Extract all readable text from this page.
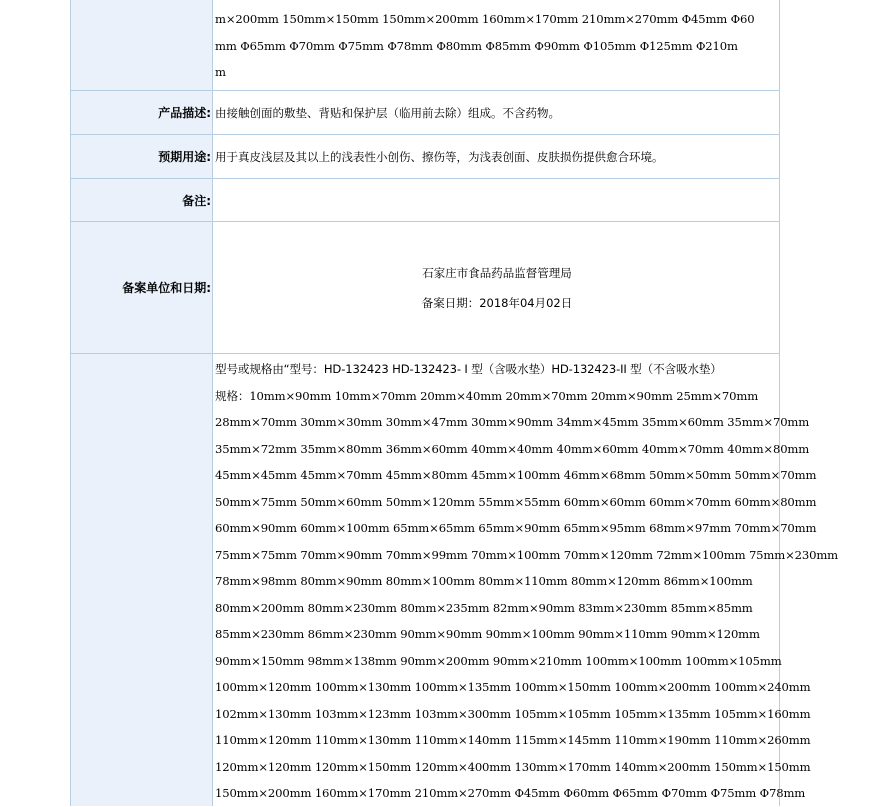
m×200mm 150mm×150mm 150mm×200mm 160mm×170mm 210mm×270mm Φ45mm Φ60
mm Φ65mm Φ70mm Φ75mm Φ78mm Φ80mm Φ85mm Φ90mm Φ105mm Φ125mm Φ210m
m
产品描述: 由接触创面的敷垫、背贴和保护层（临用前去除）组成。不含药物。
预期用途: 用于真皮浅层及其以上的浅表性小创伤、擦伤等，为浅表创面、皮肤损伤提供愈合环境。
备注:
备案单位和日期:
石家庄市食品药品监督管理局
备案日期：2018年04月02日
型号或规格由“型号：HD-132423 HD-132423- I 型（含吸水垫）HD-132423-II 型（不含吸水垫）
规格：10mm×90mm 10mm×70mm 20mm×40mm 20mm×70mm 20mm×90mm 25mm×70mm
28mm×70mm 30mm×30mm 30mm×47mm 30mm×90mm 34mm×45mm 35mm×60mm 35mm×70mm
35mm×72mm 35mm×80mm 36mm×60mm 40mm×40mm 40mm×60mm 40mm×70mm 40mm×80mm
45mm×45mm 45mm×70mm 45mm×80mm 45mm×100mm 46mm×68mm 50mm×50mm 50mm×70mm
50mm×75mm 50mm×60mm 50mm×120mm 55mm×55mm 60mm×60mm 60mm×70mm 60mm×80mm
60mm×90mm 60mm×100mm 65mm×65mm 65mm×90mm 65mm×95mm 68mm×97mm 70mm×70mm
75mm×75mm 70mm×90mm 70mm×99mm 70mm×100mm 70mm×120mm 72mm×100mm 75mm×230mm
78mm×98mm 80mm×90mm 80mm×100mm 80mm×110mm 80mm×120mm 86mm×100mm
80mm×200mm 80mm×230mm 80mm×235mm 82mm×90mm 83mm×230mm 85mm×85mm
85mm×230mm 86mm×230mm 90mm×90mm 90mm×100mm 90mm×110mm 90mm×120mm
90mm×150mm 98mm×138mm 90mm×200mm 90mm×210mm 100mm×100mm 100mm×105mm
100mm×120mm 100mm×130mm 100mm×135mm 100mm×150mm 100mm×200mm 100mm×240mm
102mm×130mm 103mm×123mm 103mm×300mm 105mm×105mm 105mm×135mm 105mm×160mm
110mm×120mm 110mm×130mm 110mm×140mm 115mm×145mm 110mm×190mm 110mm×260mm
120mm×120mm 120mm×150mm 120mm×400mm 130mm×170mm 140mm×200mm 150mm×150mm
150mm×200mm 160mm×170mm 210mm×270mm Φ45mm Φ60mm Φ65mm Φ70mm Φ75mm Φ78mm
